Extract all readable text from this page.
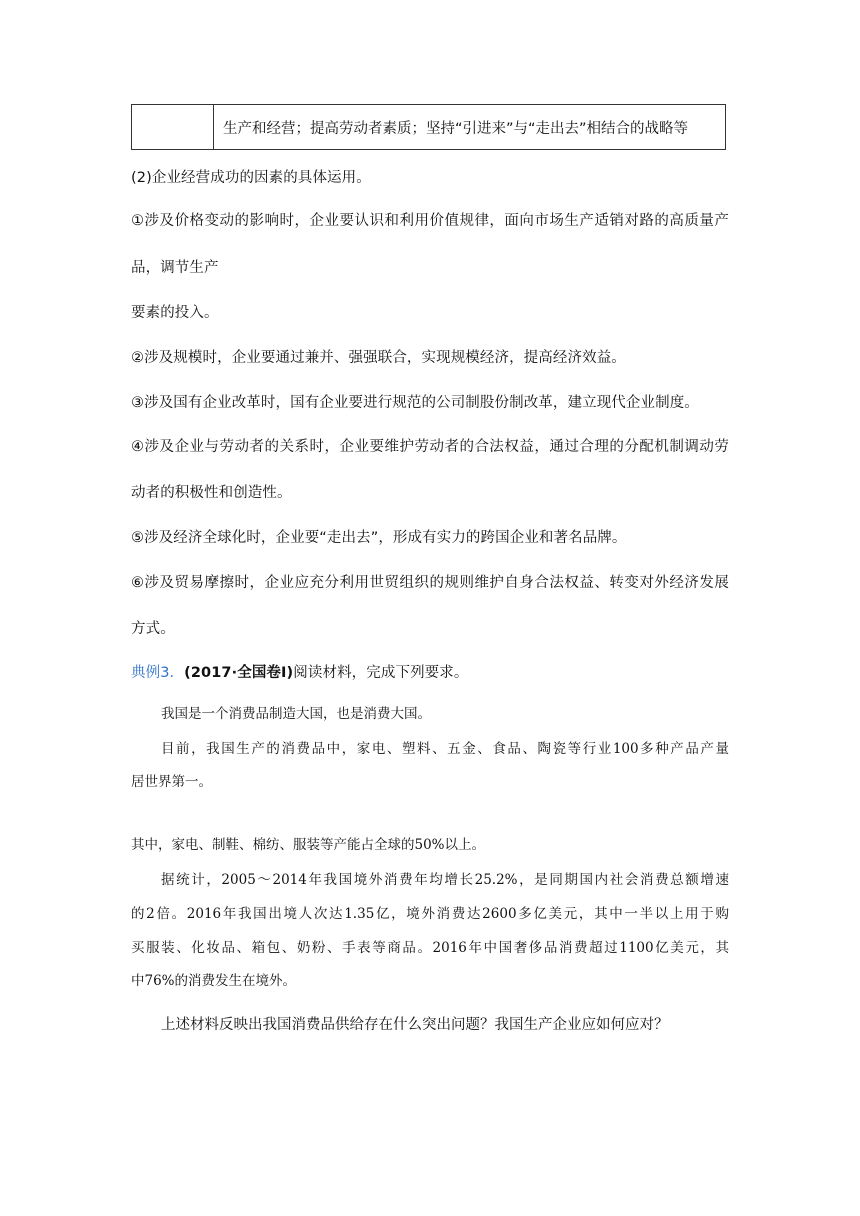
生产和经营；提高劳动者素质；坚持“引进来”与“走出去”相结合的战略等
(2)企业经营成功的因素的具体运用。
①涉及价格变动的影响时，企业要认识和利用价值规律，面向市场生产适销对路的高质量产
品，调节生产
要素的投入。
②涉及规模时，企业要通过兼并、强强联合，实现规模经济，提高经济效益。
③涉及国有企业改革时，国有企业要进行规范的公司制股份制改革，建立现代企业制度。
④涉及企业与劳动者的关系时，企业要维护劳动者的合法权益，通过合理的分配机制调动劳
动者的积极性和创造性。
⑤涉及经济全球化时，企业要“走出去”，形成有实力的跨国企业和著名品牌。
⑥涉及贸易摩擦时，企业应充分利用世贸组织的规则维护自身合法权益、转变对外经济发展
方式。
典例3．(2017·全国卷Ⅰ)阅读材料，完成下列要求。
我国是一个消费品制造大国，也是消费大国。
目前，我国生产的消费品中，家电、塑料、五金、食品、陶瓷等行业100多种产品产量
居世界第一。
其中，家电、制鞋、棉纺、服装等产能占全球的50%以上。
据统计，2005～2014年我国境外消费年均增长25.2%，是同期国内社会消费总额增速
的2倍。2016年我国出境人次达1.35亿，境外消费达2600多亿美元，其中一半以上用于购
买服装、化妆品、箱包、奶粉、手表等商品。2016年中国奢侈品消费超过1100亿美元，其
中76%的消费发生在境外。
上述材料反映出我国消费品供给存在什么突出问题？我国生产企业应如何应对？
